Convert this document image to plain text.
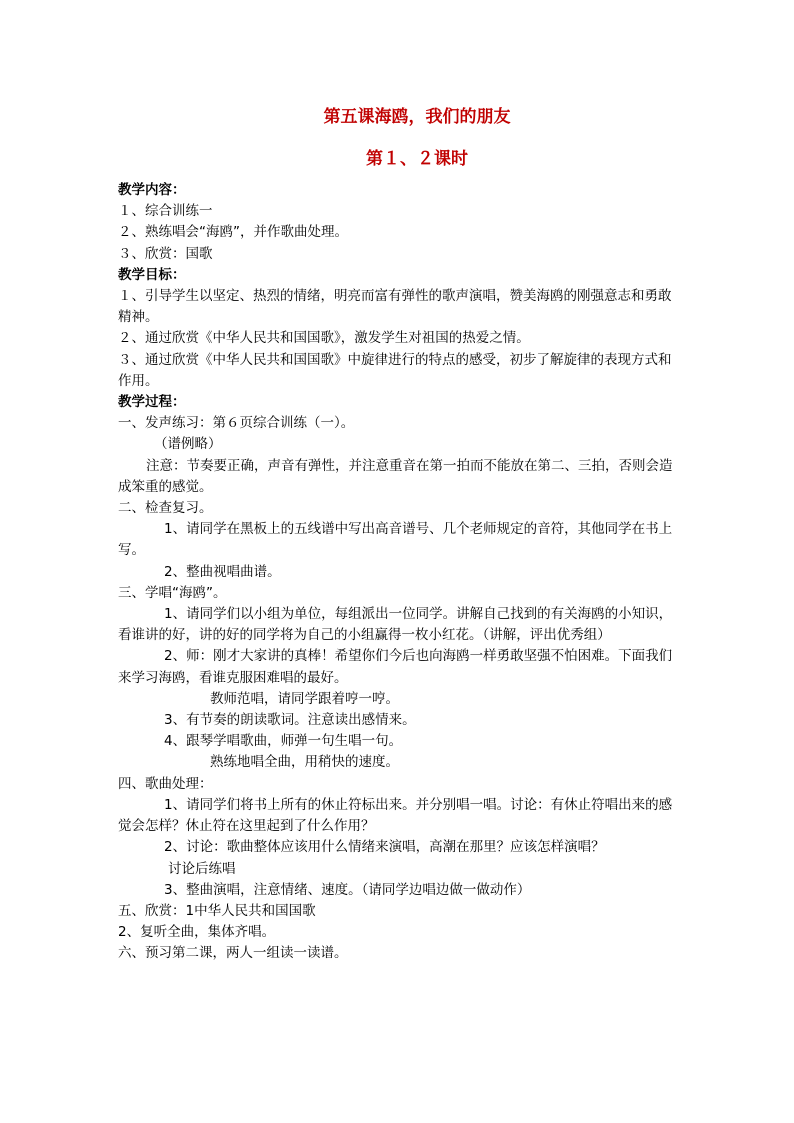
第五课海鸥，我们的朋友
第１、２课时

教学内容：

１、综合训练一

２、熟练唱会“海鸥”，并作歌曲处理。

３、欣赏：国歌

教学目标：

１、引导学生以坚定、热烈的情绪，明亮而富有弹性的歌声演唱，赞美海鸥的刚强意志和勇敢精神。

２、通过欣赏《中华人民共和国国歌》，激发学生对祖国的热爱之情。

３、通过欣赏《中华人民共和国国歌》中旋律进行的特点的感受，初步了解旋律的表现方式和作用。

教学过程：

一、发声练习：第６页综合训练（一）。

（谱例略）

注意：节奏要正确，声音有弹性，并注意重音在第一拍而不能放在第二、三拍，否则会造成笨重的感觉。

二、检查复习。

1、请同学在黑板上的五线谱中写出高音谱号、几个老师规定的音符，其他同学在书上写。

2、整曲视唱曲谱。

三、学唱“海鸥”。

1、请同学们以小组为单位，每组派出一位同学。讲解自己找到的有关海鸥的小知识，看谁讲的好，讲的好的同学将为自己的小组赢得一枚小红花。（讲解，评出优秀组）

2、师：刚才大家讲的真棒！希望你们今后也向海鸥一样勇敢坚强不怕困难。下面我们来学习海鸥，看谁克服困难唱的最好。

教师范唱，请同学跟着哼一哼。

3、有节奏的朗读歌词。注意读出感情来。

4、跟琴学唱歌曲，师弹一句生唱一句。

熟练地唱全曲，用稍快的速度。

四、歌曲处理：

1、请同学们将书上所有的休止符标出来。并分别唱一唱。讨论：有休止符唱出来的感觉会怎样？休止符在这里起到了什么作用？

2、讨论：歌曲整体应该用什么情绪来演唱，高潮在那里？应该怎样演唱？

讨论后练唱

3、整曲演唱，注意情绪、速度。（请同学边唱边做一做动作）

五、欣赏：1中华人民共和国国歌

2、复听全曲，集体齐唱。

六、预习第二课，两人一组读一读谱。
